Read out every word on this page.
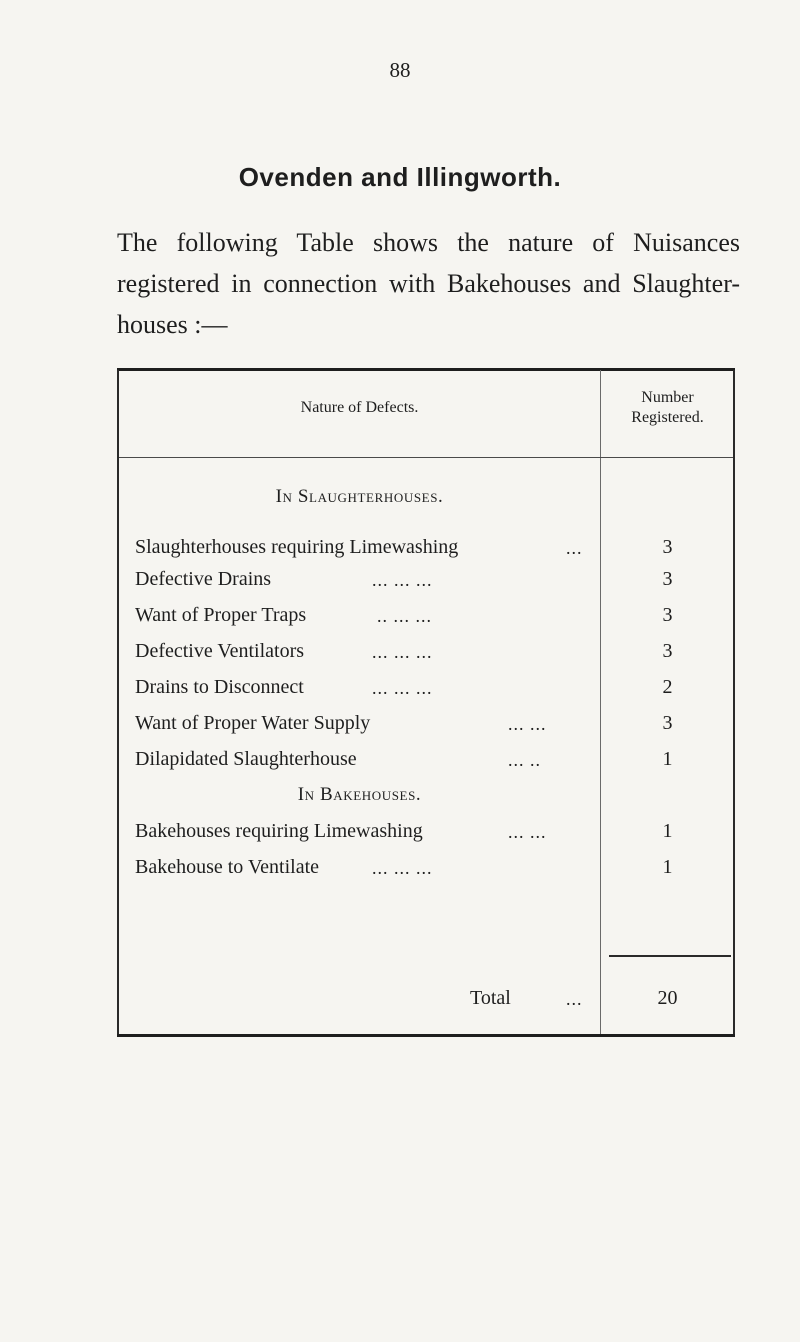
88
Ovenden and Illingworth.
The following Table shows the nature of Nuisances registered in connection with Bakehouses and Slaughter-houses :—
Nature of Defects.
Number
Registered.
In Slaughterhouses.
Slaughterhouses requiring Limewashing	...	3
Defective Drains	... ... ...	3
Want of Proper Traps	.. ... ...	3
Defective Ventilators	... ... ...	3
Drains to Disconnect	... ... ...	2
Want of Proper Water Supply	... ...	3
Dilapidated Slaughterhouse	... ..	1
In Bakehouses.
Bakehouses requiring Limewashing	... ...	1
Bakehouse to Ventilate	... ... ...	1
Total	...	20
